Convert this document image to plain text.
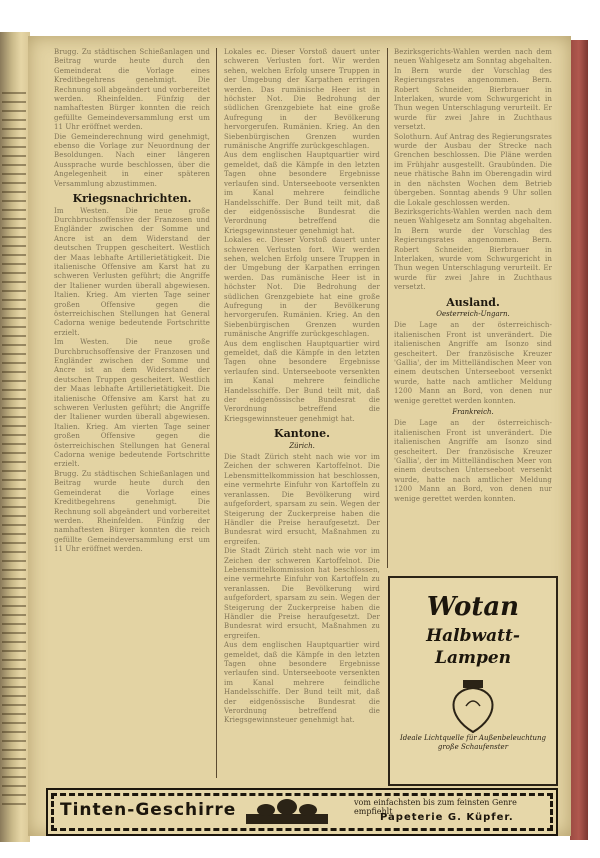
Brugg. Zu städtischen Schießanlagen und Beitrag wurde heute durch den Gemeinderat die Vorlage eines Kreditbegehrens genehmigt. Die Rechnung soll abgeändert und vorbereitet werden. Rheinfelden. Fünfzig der namhaftesten Bürger konnten die reich gefüllte Gemeindeversammlung erst um 11 Uhr eröffnet werden.

Die Gemeinderechnung wird genehmigt, ebenso die Vorlage zur Neuordnung der Besoldungen. Nach einer längeren Aussprache wurde beschlossen, über die Angelegenheit in einer späteren Versammlung abzustimmen.

Kriegsnachrichten.

Im Westen. Die neue große Durchbruchsoffensive der Franzosen und Engländer zwischen der Somme und Ancre ist an dem Widerstand der deutschen Truppen gescheitert. Westlich der Maas lebhafte Artillerietätigkeit. Die italienische Offensive am Karst hat zu schweren Verlusten geführt; die Angriffe der Italiener wurden überall abgewiesen. Italien. Krieg. Am vierten Tage seiner großen Offensive gegen die österreichischen Stellungen hat General Cadorna wenige bedeutende Fortschritte erzielt.

Im Westen. Die neue große Durchbruchsoffensive der Franzosen und Engländer zwischen der Somme und Ancre ist an dem Widerstand der deutschen Truppen gescheitert. Westlich der Maas lebhafte Artillerietätigkeit. Die italienische Offensive am Karst hat zu schweren Verlusten geführt; die Angriffe der Italiener wurden überall abgewiesen. Italien. Krieg. Am vierten Tage seiner großen Offensive gegen die österreichischen Stellungen hat General Cadorna wenige bedeutende Fortschritte erzielt.

Brugg. Zu städtischen Schießanlagen und Beitrag wurde heute durch den Gemeinderat die Vorlage eines Kreditbegehrens genehmigt. Die Rechnung soll abgeändert und vorbereitet werden. Rheinfelden. Fünfzig der namhaftesten Bürger konnten die reich gefüllte Gemeindeversammlung erst um 11 Uhr eröffnet werden.

Lokales ec. Dieser Vorstoß dauert unter schweren Verlusten fort. Wir werden sehen, welchen Erfolg unsere Truppen in der Umgebung der Karpathen erringen werden. Das rumänische Heer ist in höchster Not. Die Bedrohung der südlichen Grenzgebiete hat eine große Aufregung in der Bevölkerung hervorgerufen. Rumänien. Krieg. An den Siebenbürgischen Grenzen wurden rumänische Angriffe zurückgeschlagen.

Aus dem englischen Hauptquartier wird gemeldet, daß die Kämpfe in den letzten Tagen ohne besondere Ergebnisse verlaufen sind. Unterseeboote versenkten im Kanal mehrere feindliche Handelsschiffe. Der Bund teilt mit, daß der eidgenössische Bundesrat die Verordnung betreffend die Kriegsgewinnsteuer genehmigt hat.

Lokales ec. Dieser Vorstoß dauert unter schweren Verlusten fort. Wir werden sehen, welchen Erfolg unsere Truppen in der Umgebung der Karpathen erringen werden. Das rumänische Heer ist in höchster Not. Die Bedrohung der südlichen Grenzgebiete hat eine große Aufregung in der Bevölkerung hervorgerufen. Rumänien. Krieg. An den Siebenbürgischen Grenzen wurden rumänische Angriffe zurückgeschlagen.

Aus dem englischen Hauptquartier wird gemeldet, daß die Kämpfe in den letzten Tagen ohne besondere Ergebnisse verlaufen sind. Unterseeboote versenkten im Kanal mehrere feindliche Handelsschiffe. Der Bund teilt mit, daß der eidgenössische Bundesrat die Verordnung betreffend die Kriegsgewinnsteuer genehmigt hat.

Kantone.
Zürich.

Die Stadt Zürich steht nach wie vor im Zeichen der schweren Kartoffelnot. Die Lebensmittelkommission hat beschlossen, eine vermehrte Einfuhr von Kartoffeln zu veranlassen. Die Bevölkerung wird aufgefordert, sparsam zu sein. Wegen der Steigerung der Zuckerpreise haben die Händler die Preise heraufgesetzt. Der Bundesrat wird ersucht, Maßnahmen zu ergreifen.

Die Stadt Zürich steht nach wie vor im Zeichen der schweren Kartoffelnot. Die Lebensmittelkommission hat beschlossen, eine vermehrte Einfuhr von Kartoffeln zu veranlassen. Die Bevölkerung wird aufgefordert, sparsam zu sein. Wegen der Steigerung der Zuckerpreise haben die Händler die Preise heraufgesetzt. Der Bundesrat wird ersucht, Maßnahmen zu ergreifen.

Aus dem englischen Hauptquartier wird gemeldet, daß die Kämpfe in den letzten Tagen ohne besondere Ergebnisse verlaufen sind. Unterseeboote versenkten im Kanal mehrere feindliche Handelsschiffe. Der Bund teilt mit, daß der eidgenössische Bundesrat die Verordnung betreffend die Kriegsgewinnsteuer genehmigt hat.

Bezirksgerichts-Wahlen werden nach dem neuen Wahlgesetz am Sonntag abgehalten. In Bern wurde der Vorschlag des Regierungsrates angenommen. Bern. Robert Schneider, Bierbrauer in Interlaken, wurde vom Schwurgericht in Thun wegen Unterschlagung verurteilt. Er wurde für zwei Jahre in Zuchthaus versetzt.

Solothurn. Auf Antrag des Regierungsrates wurde der Ausbau der Strecke nach Grenchen beschlossen. Die Pläne werden im Frühjahr ausgestellt. Graubünden. Die neue rhätische Bahn im Oberengadin wird in den nächsten Wochen dem Betrieb übergeben. Sonntag abends 9 Uhr sollen die Lokale geschlossen werden.

Bezirksgerichts-Wahlen werden nach dem neuen Wahlgesetz am Sonntag abgehalten. In Bern wurde der Vorschlag des Regierungsrates angenommen. Bern. Robert Schneider, Bierbrauer in Interlaken, wurde vom Schwurgericht in Thun wegen Unterschlagung verurteilt. Er wurde für zwei Jahre in Zuchthaus versetzt.

Ausland.
Oesterreich-Ungarn.

Die Lage an der österreichisch-italienischen Front ist unverändert. Die italienischen Angriffe am Isonzo sind gescheitert. Der französische Kreuzer 'Gallia', der im Mittelländischen Meer von einem deutschen Unterseeboot versenkt wurde, hatte nach amtlicher Meldung 1200 Mann an Bord, von denen nur wenige gerettet werden konnten.

Frankreich.

Die Lage an der österreichisch-italienischen Front ist unverändert. Die italienischen Angriffe am Isonzo sind gescheitert. Der französische Kreuzer 'Gallia', der im Mittelländischen Meer von einem deutschen Unterseeboot versenkt wurde, hatte nach amtlicher Meldung 1200 Mann an Bord, von denen nur wenige gerettet werden konnten.

Wotan
Halbwatt-
Lampen
Ideale Lichtquelle für Außenbeleuchtung große Schaufenster
Tinten-Geschirre	vom einfachsten bis zum feinsten Genre empfiehlt
Papeterie G. Küpfer.
